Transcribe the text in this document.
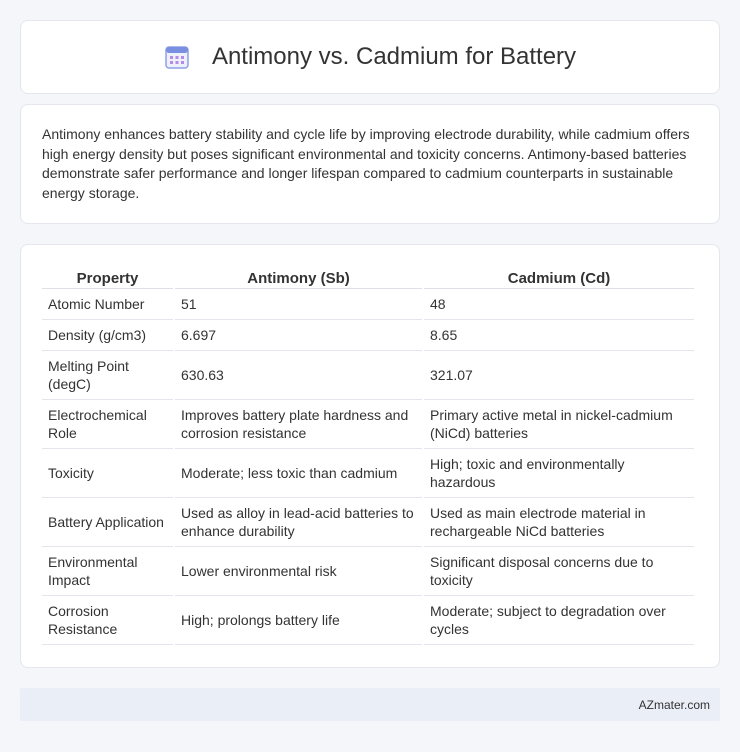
Antimony vs. Cadmium for Battery

Antimony enhances battery stability and cycle life by improving electrode durability, while cadmium offers high energy density but poses significant environmental and toxicity concerns. Antimony-based batteries demonstrate safer performance and longer lifespan compared to cadmium counterparts in sustainable energy storage.

Property	Antimony (Sb)	Cadmium (Cd)
Atomic Number	51	48
Density (g/cm3)	6.697	8.65
Melting Point (degC)	630.63	321.07
Electrochemical Role	Improves battery plate hardness and corrosion resistance	Primary active metal in nickel-cadmium (NiCd) batteries
Toxicity	Moderate; less toxic than cadmium	High; toxic and environmentally hazardous
Battery Application	Used as alloy in lead-acid batteries to enhance durability	Used as main electrode material in rechargeable NiCd batteries
Environmental Impact	Lower environmental risk	Significant disposal concerns due to toxicity
Corrosion Resistance	High; prolongs battery life	Moderate; subject to degradation over cycles
AZmater.com
